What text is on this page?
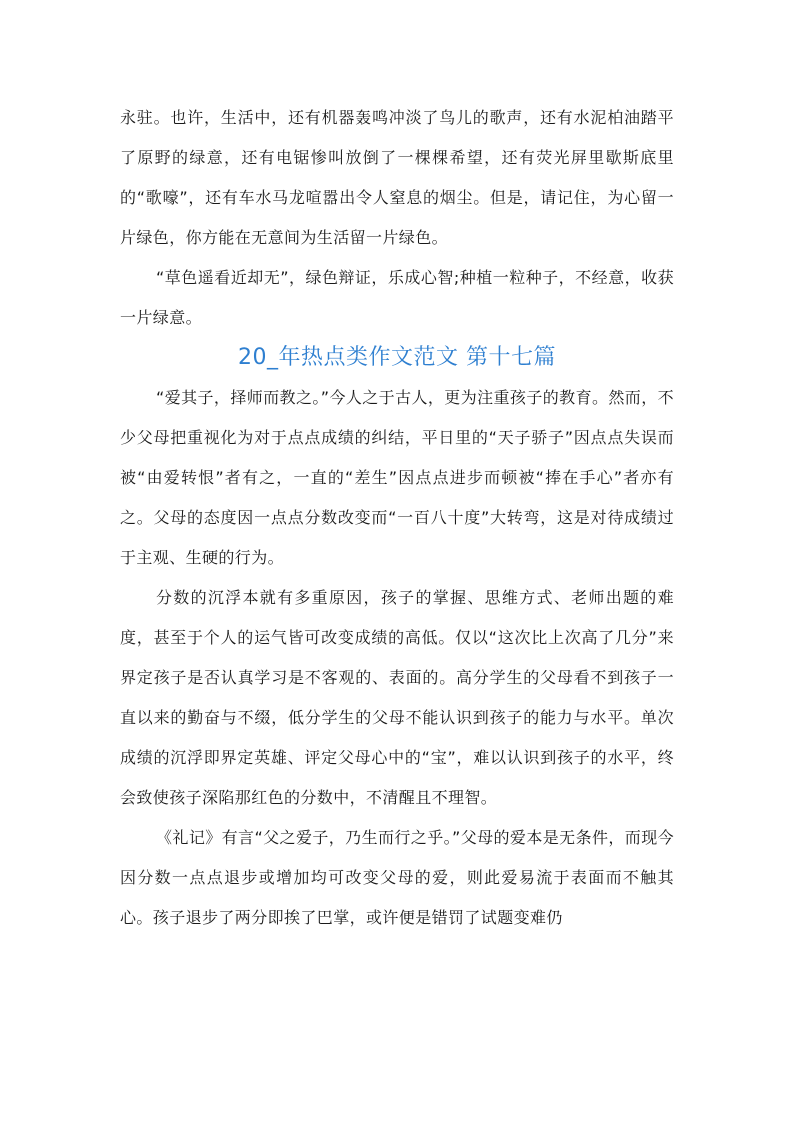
永驻。也许，生活中，还有机器轰鸣冲淡了鸟儿的歌声，还有水泥柏油踏平了原野的绿意，还有电锯惨叫放倒了一棵棵希望，还有荧光屏里歇斯底里的“歌嚎”，还有车水马龙喧嚣出令人窒息的烟尘。但是，请记住，为心留一片绿色，你方能在无意间为生活留一片绿色。

“草色遥看近却无”，绿色辩证，乐成心智;种植一粒种子，不经意，收获一片绿意。

20_年热点类作文范文 第十七篇

“爱其子，择师而教之。”今人之于古人，更为注重孩子的教育。然而，不少父母把重视化为对于点点成绩的纠结，平日里的“天子骄子”因点点失误而被“由爱转恨”者有之，一直的“差生”因点点进步而顿被“捧在手心”者亦有之。父母的态度因一点点分数改变而“一百八十度”大转弯，这是对待成绩过于主观、生硬的行为。

分数的沉浮本就有多重原因，孩子的掌握、思维方式、老师出题的难度，甚至于个人的运气皆可改变成绩的高低。仅以“这次比上次高了几分”来界定孩子是否认真学习是不客观的、表面的。高分学生的父母看不到孩子一直以来的勤奋与不缀，低分学生的父母不能认识到孩子的能力与水平。单次成绩的沉浮即界定英雄、评定父母心中的“宝”，难以认识到孩子的水平，终会致使孩子深陷那红色的分数中，不清醒且不理智。

《礼记》有言“父之爱子，乃生而行之乎。”父母的爱本是无条件，而现今因分数一点点退步或增加均可改变父母的爱，则此爱易流于表面而不触其心。孩子退步了两分即挨了巴掌，或许便是错罚了试题变难仍
